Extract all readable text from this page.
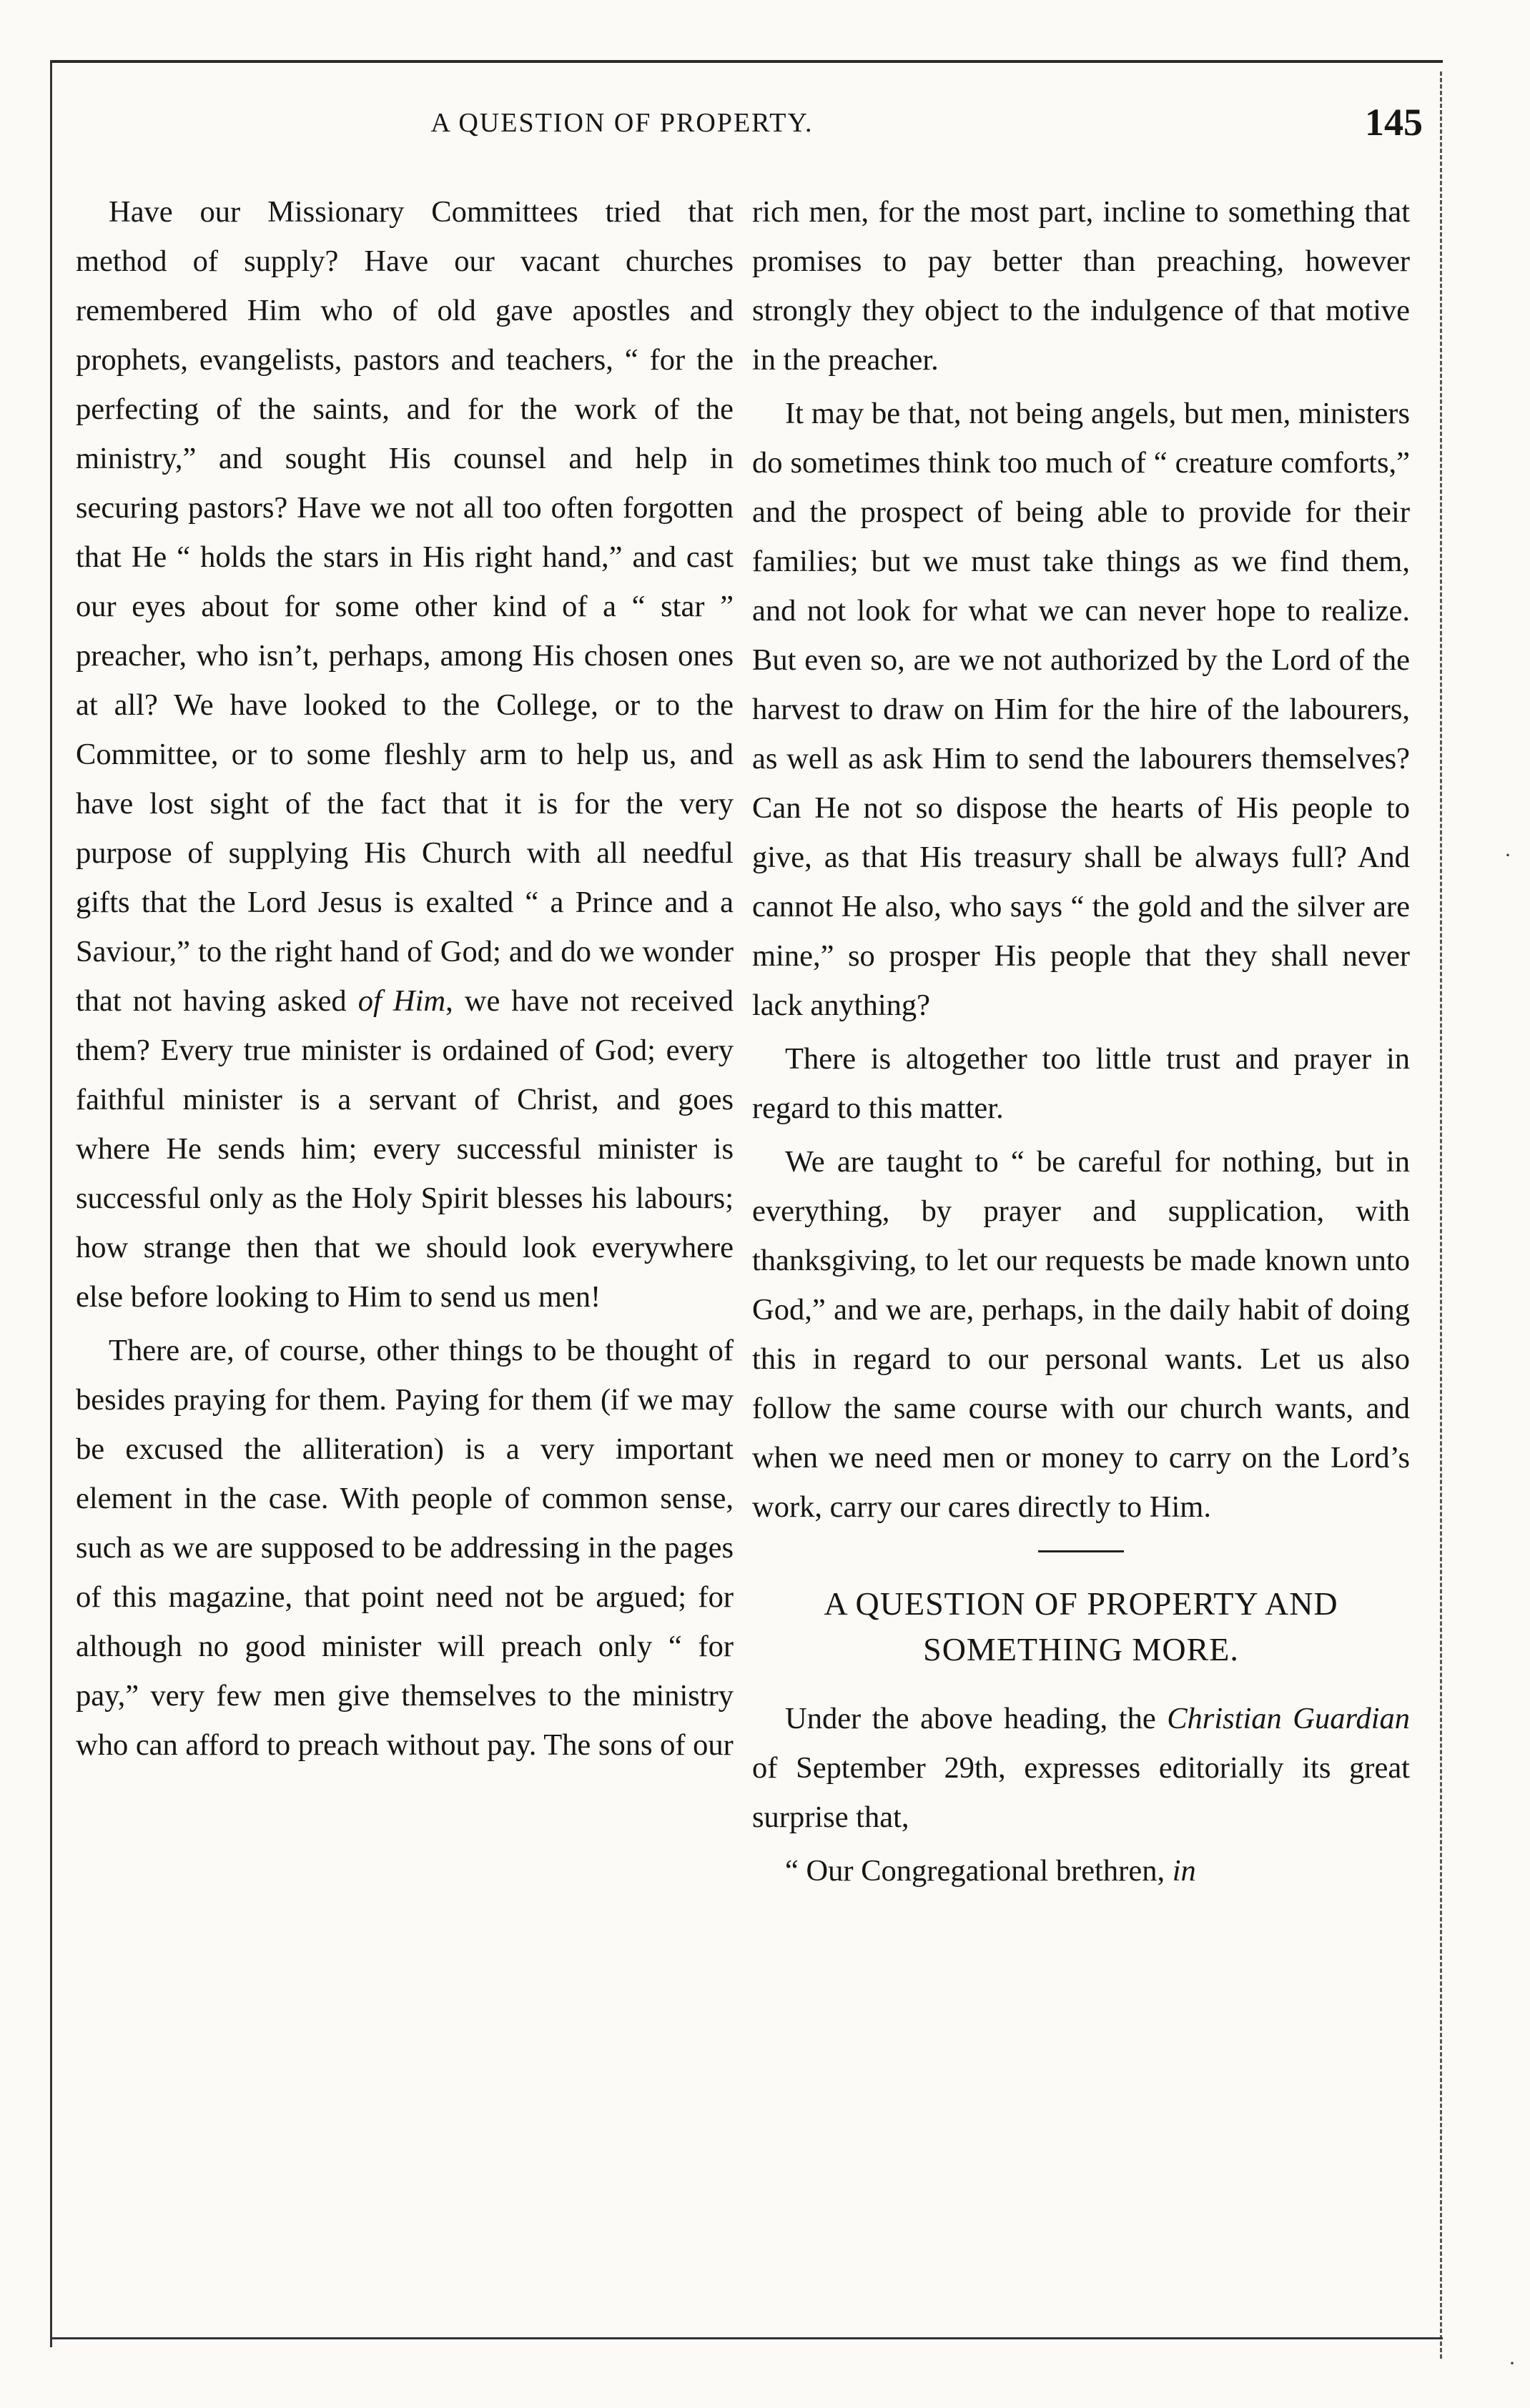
·
·
A QUESTION OF PROPERTY.	145

Have our Missionary Committees tried that method of supply? Have our vacant churches remembered Him who of old gave apostles and prophets, evangelists, pastors and teachers, “ for the perfecting of the saints, and for the work of the ministry,” and sought His counsel and help in securing pastors? Have we not all too often forgotten that He “ holds the stars in His right hand,” and cast our eyes about for some other kind of a “ star ” preacher, who isn’t, perhaps, among His chosen ones at all? We have looked to the College, or to the Committee, or to some fleshly arm to help us, and have lost sight of the fact that it is for the very purpose of supplying His Church with all needful gifts that the Lord Jesus is exalted “ a Prince and a Saviour,” to the right hand of God; and do we wonder that not having asked of Him, we have not received them? Every true minister is ordained of God; every faithful minister is a servant of Christ, and goes where He sends him; every successful minister is successful only as the Holy Spirit blesses his labours; how strange then that we should look everywhere else before looking to Him to send us men!

There are, of course, other things to be thought of besides praying for them. Paying for them (if we may be excused the alliteration) is a very important element in the case. With people of common sense, such as we are supposed to be addressing in the pages of this magazine, that point need not be argued; for although no good minister will preach only “ for pay,” very few men give themselves to the ministry who can afford to preach without pay. The sons of our

rich men, for the most part, incline to something that promises to pay better than preaching, however strongly they object to the indulgence of that motive in the preacher.

It may be that, not being angels, but men, ministers do sometimes think too much of “ creature comforts,” and the prospect of being able to provide for their families; but we must take things as we find them, and not look for what we can never hope to realize. But even so, are we not authorized by the Lord of the harvest to draw on Him for the hire of the labourers, as well as ask Him to send the labourers themselves? Can He not so dispose the hearts of His people to give, as that His treasury shall be always full? And cannot He also, who says “ the gold and the silver are mine,” so prosper His people that they shall never lack anything?

There is altogether too little trust and prayer in regard to this matter.

We are taught to “ be careful for nothing, but in everything, by prayer and supplication, with thanksgiving, to let our requests be made known unto God,” and we are, perhaps, in the daily habit of doing this in regard to our personal wants. Let us also follow the same course with our church wants, and when we need men or money to carry on the Lord’s work, carry our cares directly to Him.

A QUESTION OF PROPERTY AND
SOMETHING MORE.

Under the above heading, the Christian Guardian of September 29th, expresses editorially its great surprise that,

“ Our Congregational brethren, in
